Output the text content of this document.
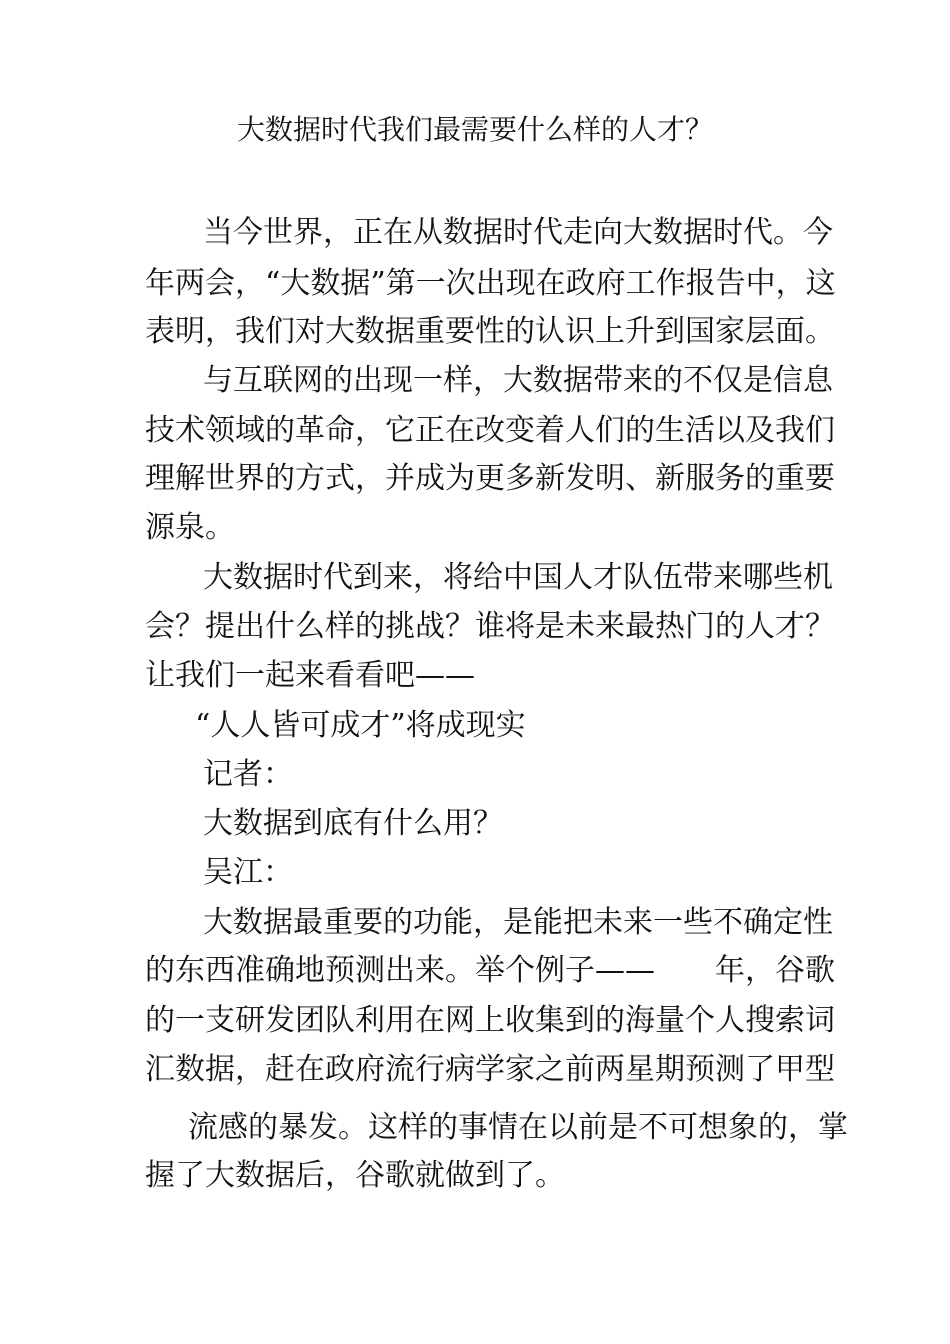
大数据时代我们最需要什么样的人才？

当今世界，正在从数据时代走向大数据时代。今

年两会，“大数据”第一次出现在政府工作报告中，这

表明，我们对大数据重要性的认识上升到国家层面。

与互联网的出现一样，大数据带来的不仅是信息

技术领域的革命，它正在改变着人们的生活以及我们

理解世界的方式，并成为更多新发明、新服务的重要

源泉。

大数据时代到来，将给中国人才队伍带来哪些机

会？提出什么样的挑战？谁将是未来最热门的人才？

让我们一起来看看吧——

“人人皆可成才”将成现实

记者：

大数据到底有什么用？

吴江：

大数据最重要的功能，是能把未来一些不确定性

的东西准确地预测出来。举个例子——　　年，谷歌

的一支研发团队利用在网上收集到的海量个人搜索词

汇数据，赶在政府流行病学家之前两星期预测了甲型

流感的暴发。这样的事情在以前是不可想象的，掌

握了大数据后，谷歌就做到了。
